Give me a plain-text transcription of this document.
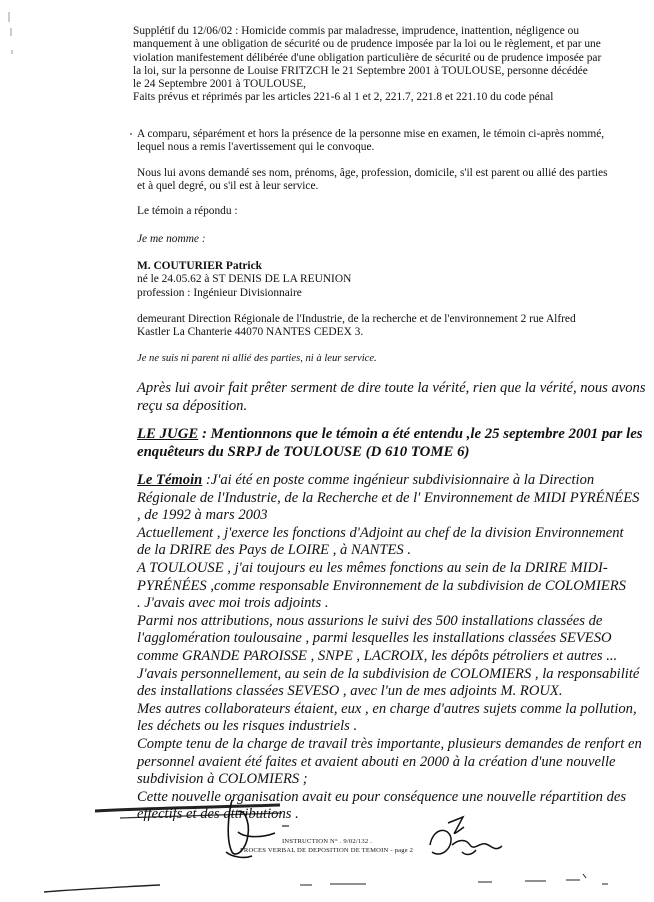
Supplétif du 12/06/02 : Homicide commis par maladresse, imprudence, inattention, négligence ou
manquement à une obligation de sécurité ou de prudence imposée par la loi ou le règlement, et par une
violation manifestement délibérée d'une obligation particulière de sécurité ou de prudence imposée par
la loi, sur la personne de Louise FRITZCH le 21 Septembre 2001 à TOULOUSE, personne décédée
le 24 Septembre 2001 à TOULOUSE,
Faits prévus et réprimés par les articles 221-6 al 1 et 2, 221.7, 221.8 et 221.10 du code pénal
A comparu, séparément et hors la présence de la personne mise en examen, le témoin ci-après nommé,
lequel nous a remis l'avertissement qui le convoque.
Nous lui avons demandé ses nom, prénoms, âge, profession, domicile, s'il est parent ou allié des parties
et à quel degré, ou s'il est à leur service.
Le témoin a répondu :
Je me nomme :
M. COUTURIER Patrick
né le 24.05.62 à ST DENIS DE LA REUNION
profession : Ingénieur Divisionnaire
demeurant Direction Régionale de l'Industrie, de la recherche et de l'environnement 2 rue Alfred
Kastler La Chanterie 44070 NANTES CEDEX 3.
Je ne suis ni parent ni allié des parties, ni à leur service.
Après lui avoir fait prêter serment de dire toute la vérité, rien que la vérité, nous avons
reçu sa déposition.
LE JUGE : Mentionnons que le témoin a été entendu ,le 25 septembre 2001 par les
enquêteurs du SRPJ de TOULOUSE (D 610 TOME 6)
Le Témoin :J'ai été en poste comme ingénieur subdivisionnaire à la Direction
Régionale de l'Industrie, de la Recherche et de l' Environnement de MIDI PYRÉNÉES
, de 1992 à mars 2003
Actuellement , j'exerce les fonctions d'Adjoint au chef de la division Environnement
de la DRIRE des Pays de LOIRE , à NANTES .
A TOULOUSE , j'ai toujours eu les mêmes fonctions au sein de la DRIRE MIDI-
PYRÉNÉES ,comme responsable Environnement de la subdivision de COLOMIERS
. J'avais avec moi trois adjoints .
Parmi nos attributions, nous assurions le suivi des 500 installations classées de
l'agglomération toulousaine , parmi lesquelles les installations classées SEVESO
comme GRANDE PAROISSE , SNPE , LACROIX, les dépôts pétroliers et autres ...
J'avais personnellement, au sein de la subdivision de COLOMIERS , la responsabilité
des installations classées SEVESO , avec l'un de mes adjoints M. ROUX.
Mes autres collaborateurs étaient, eux , en charge d'autres sujets comme la pollution,
les déchets ou les risques industriels .
Compte tenu de la charge de travail très importante, plusieurs demandes de renfort en
personnel avaient été faites et avaient abouti en 2000 à la création d'une nouvelle
subdivision à COLOMIERS ;
Cette nouvelle organisation avait eu pour conséquence une nouvelle répartition des
effectifs et des attributions .
INSTRUCTION N° . 9/02/132 .
PROCES VERBAL DE DEPOSITION DE TEMOIN - page 2
